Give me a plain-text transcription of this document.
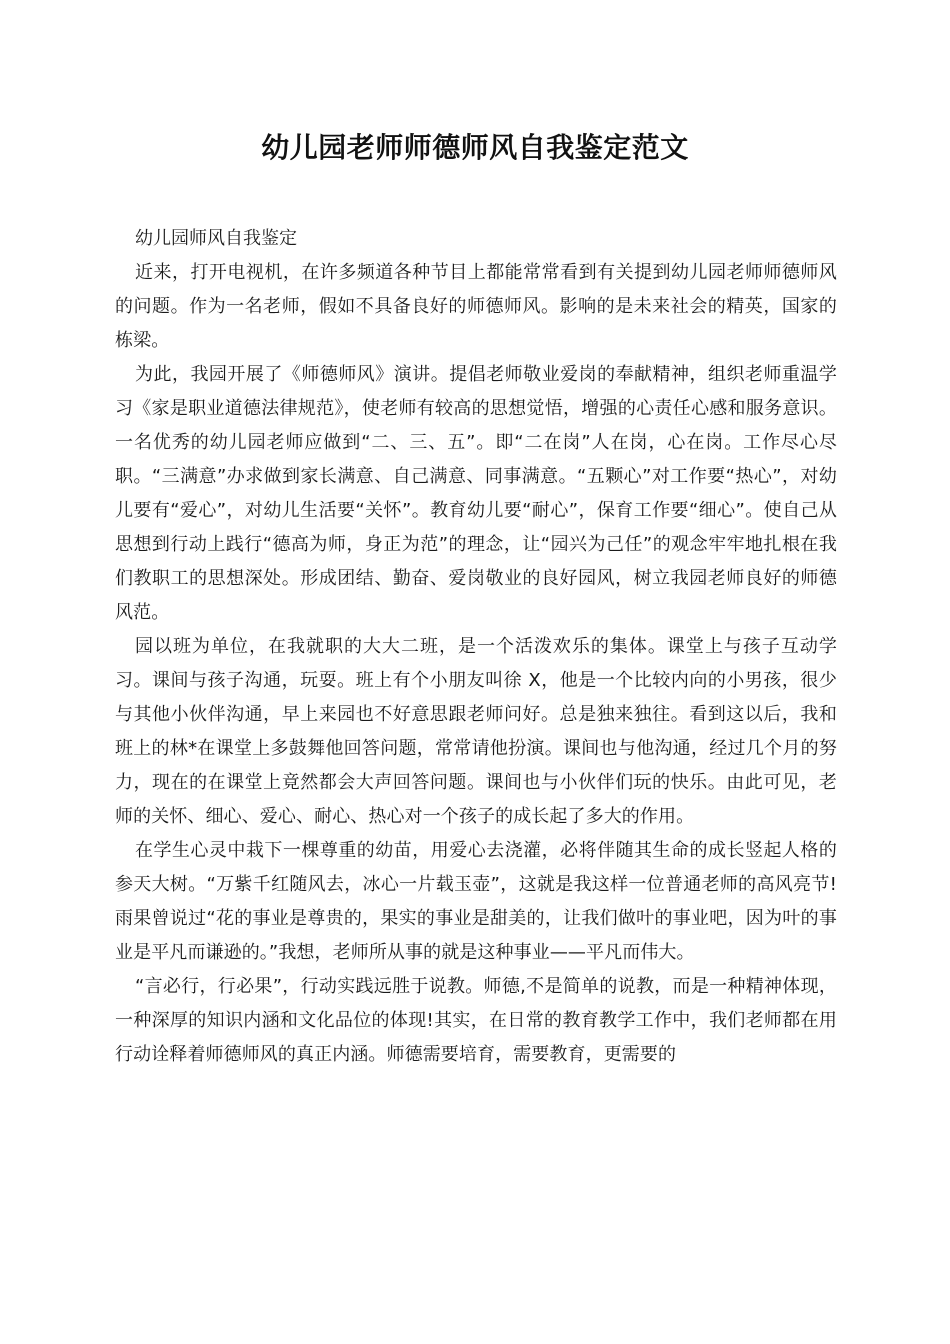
幼儿园老师师德师风自我鉴定范文

幼儿园师风自我鉴定

近来，打开电视机，在许多频道各种节目上都能常常看到有关提到幼儿园老师师德师风的问题。作为一名老师，假如不具备良好的师德师风。影响的是未来社会的精英，国家的栋梁。

为此，我园开展了《师德师风》演讲。提倡老师敬业爱岗的奉献精神，组织老师重温学习《家是职业道德法律规范》，使老师有较高的思想觉悟，增强的心责任心感和服务意识。一名优秀的幼儿园老师应做到“二、三、五”。即“二在岗”人在岗，心在岗。工作尽心尽职。“三满意”办求做到家长满意、自己满意、同事满意。“五颗心”对工作要“热心”，对幼儿要有“爱心”，对幼儿生活要“关怀”。教育幼儿要“耐心”，保育工作要“细心”。使自己从思想到行动上践行“德高为师，身正为范”的理念，让“园兴为己任”的观念牢牢地扎根在我们教职工的思想深处。形成团结、勤奋、爱岗敬业的良好园风，树立我园老师良好的师德风范。

园以班为单位，在我就职的大大二班，是一个活泼欢乐的集体。课堂上与孩子互动学习。课间与孩子沟通，玩耍。班上有个小朋友叫徐 X，他是一个比较内向的小男孩，很少与其他小伙伴沟通，早上来园也不好意思跟老师问好。总是独来独往。看到这以后，我和班上的林*在课堂上多鼓舞他回答问题，常常请他扮演。课间也与他沟通，经过几个月的努力，现在的在课堂上竟然都会大声回答问题。课间也与小伙伴们玩的快乐。由此可见，老师的关怀、细心、爱心、耐心、热心对一个孩子的成长起了多大的作用。

在学生心灵中栽下一棵尊重的幼苗，用爱心去浇灌，必将伴随其生命的成长竖起人格的参天大树。“万紫千红随风去，冰心一片载玉壶”，这就是我这样一位普通老师的高风亮节!雨果曾说过“花的事业是尊贵的，果实的事业是甜美的，让我们做叶的事业吧，因为叶的事业是平凡而谦逊的。”我想，老师所从事的就是这种事业——平凡而伟大。

“言必行，行必果”，行动实践远胜于说教。师德,不是简单的说教，而是一种精神体现，一种深厚的知识内涵和文化品位的体现!其实，在日常的教育教学工作中，我们老师都在用行动诠释着师德师风的真正内涵。师德需要培育，需要教育，更需要的
